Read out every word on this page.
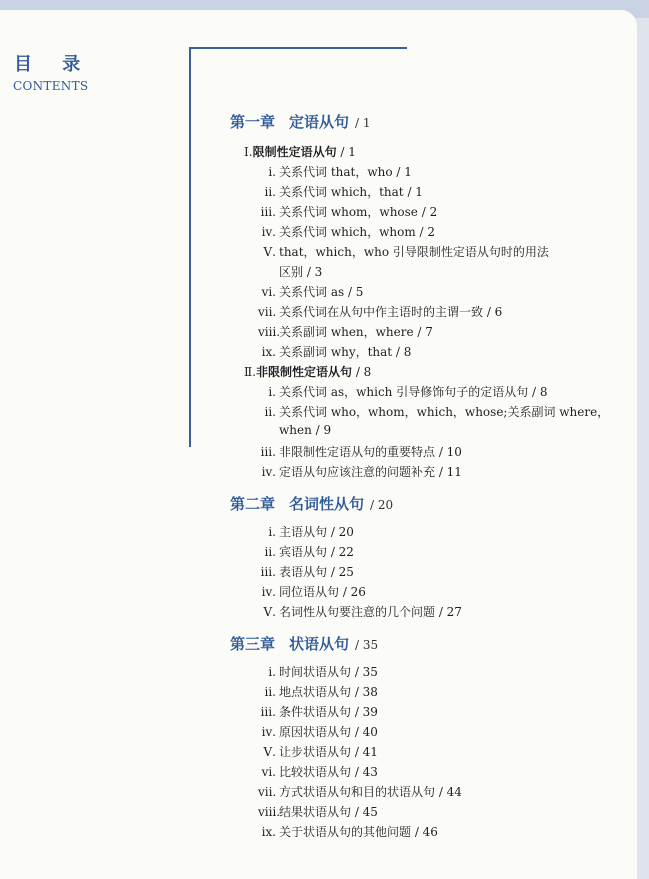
目 录
CONTENTS
第一章 定语从句 / 1
Ⅰ.限制性定语从句 / 1
ⅰ. 关系代词 that，who / 1
ⅱ. 关系代词 which，that / 1
ⅲ. 关系代词 whom，whose / 2
ⅳ. 关系代词 which，whom / 2
Ⅴ. that，which，who 引导限制性定语从句时的用法
区别 / 3
ⅵ. 关系代词 as / 5
ⅶ. 关系代词在从句中作主语时的主谓一致 / 6
ⅷ.关系副词 when，where / 7
ⅸ. 关系副词 why，that / 8
Ⅱ.非限制性定语从句 / 8
ⅰ. 关系代词 as，which 引导修饰句子的定语从句 / 8
ⅱ. 关系代词 who，whom，which，whose;关系副词 where，
when / 9
ⅲ. 非限制性定语从句的重要特点 / 10
ⅳ. 定语从句应该注意的问题补充 / 11
第二章 名词性从句 / 20
ⅰ. 主语从句 / 20
ⅱ. 宾语从句 / 22
ⅲ. 表语从句 / 25
ⅳ. 同位语从句 / 26
Ⅴ. 名词性从句要注意的几个问题 / 27
第三章 状语从句 / 35
ⅰ. 时间状语从句 / 35
ⅱ. 地点状语从句 / 38
ⅲ. 条件状语从句 / 39
ⅳ. 原因状语从句 / 40
Ⅴ. 让步状语从句 / 41
ⅵ. 比较状语从句 / 43
ⅶ. 方式状语从句和目的状语从句 / 44
ⅷ.结果状语从句 / 45
ⅸ. 关于状语从句的其他问题 / 46
